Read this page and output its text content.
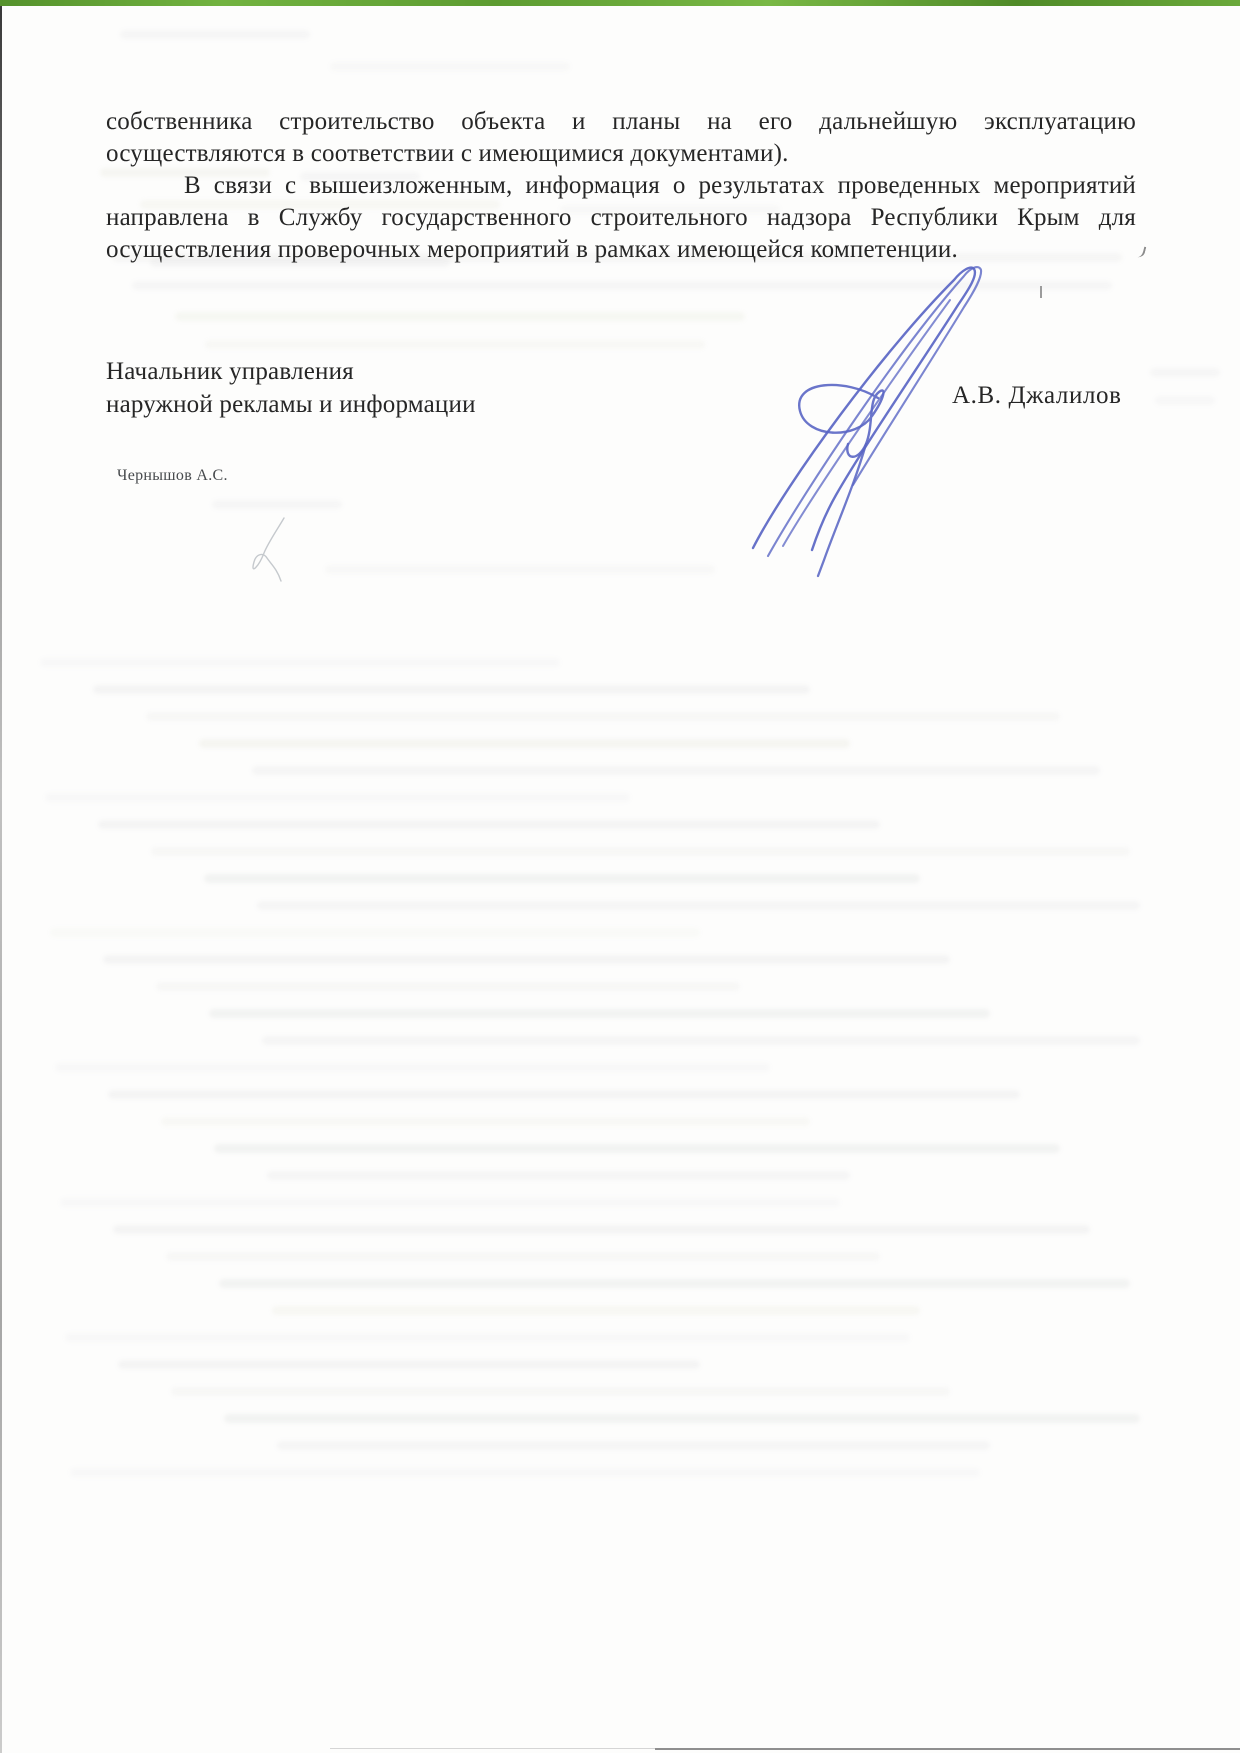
собственника строительство объекта и планы на его дальнейшую эксплуатацию
осуществляются в соответствии с имеющимися документами).
В связи с вышеизложенным, информация о результатах проведенных мероприятий
направлена в Службу государственного строительного надзора Республики Крым для
осуществления проверочных мероприятий в рамках имеющейся компетенции.
Начальник управления
наружной рекламы и информации	А.В. Джалилов
Чернышов А.С.
